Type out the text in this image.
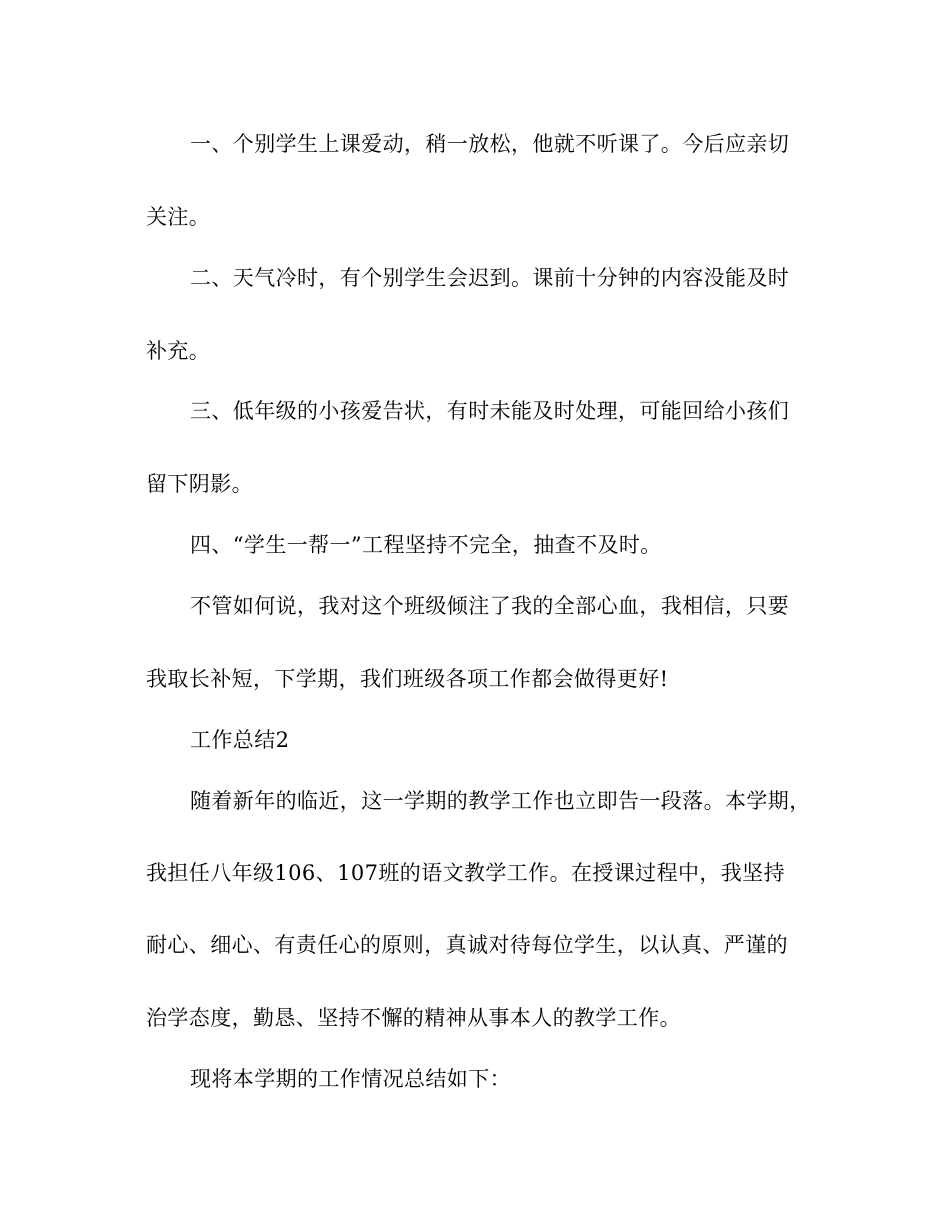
一、个别学生上课爱动，稍一放松，他就不听课了。今后应亲切
关注。
二、天气冷时，有个别学生会迟到。课前十分钟的内容没能及时
补充。
三、低年级的小孩爱告状，有时未能及时处理，可能回给小孩们
留下阴影。
四、“学生一帮一”工程坚持不完全，抽查不及时。
不管如何说，我对这个班级倾注了我的全部心血，我相信，只要
我取长补短，下学期，我们班级各项工作都会做得更好!
工作总结2
随着新年的临近，这一学期的教学工作也立即告一段落。本学期，
我担任八年级106、107班的语文教学工作。在授课过程中，我坚持
耐心、细心、有责任心的原则，真诚对待每位学生，以认真、严谨的
治学态度，勤恳、坚持不懈的精神从事本人的教学工作。
现将本学期的工作情况总结如下：
